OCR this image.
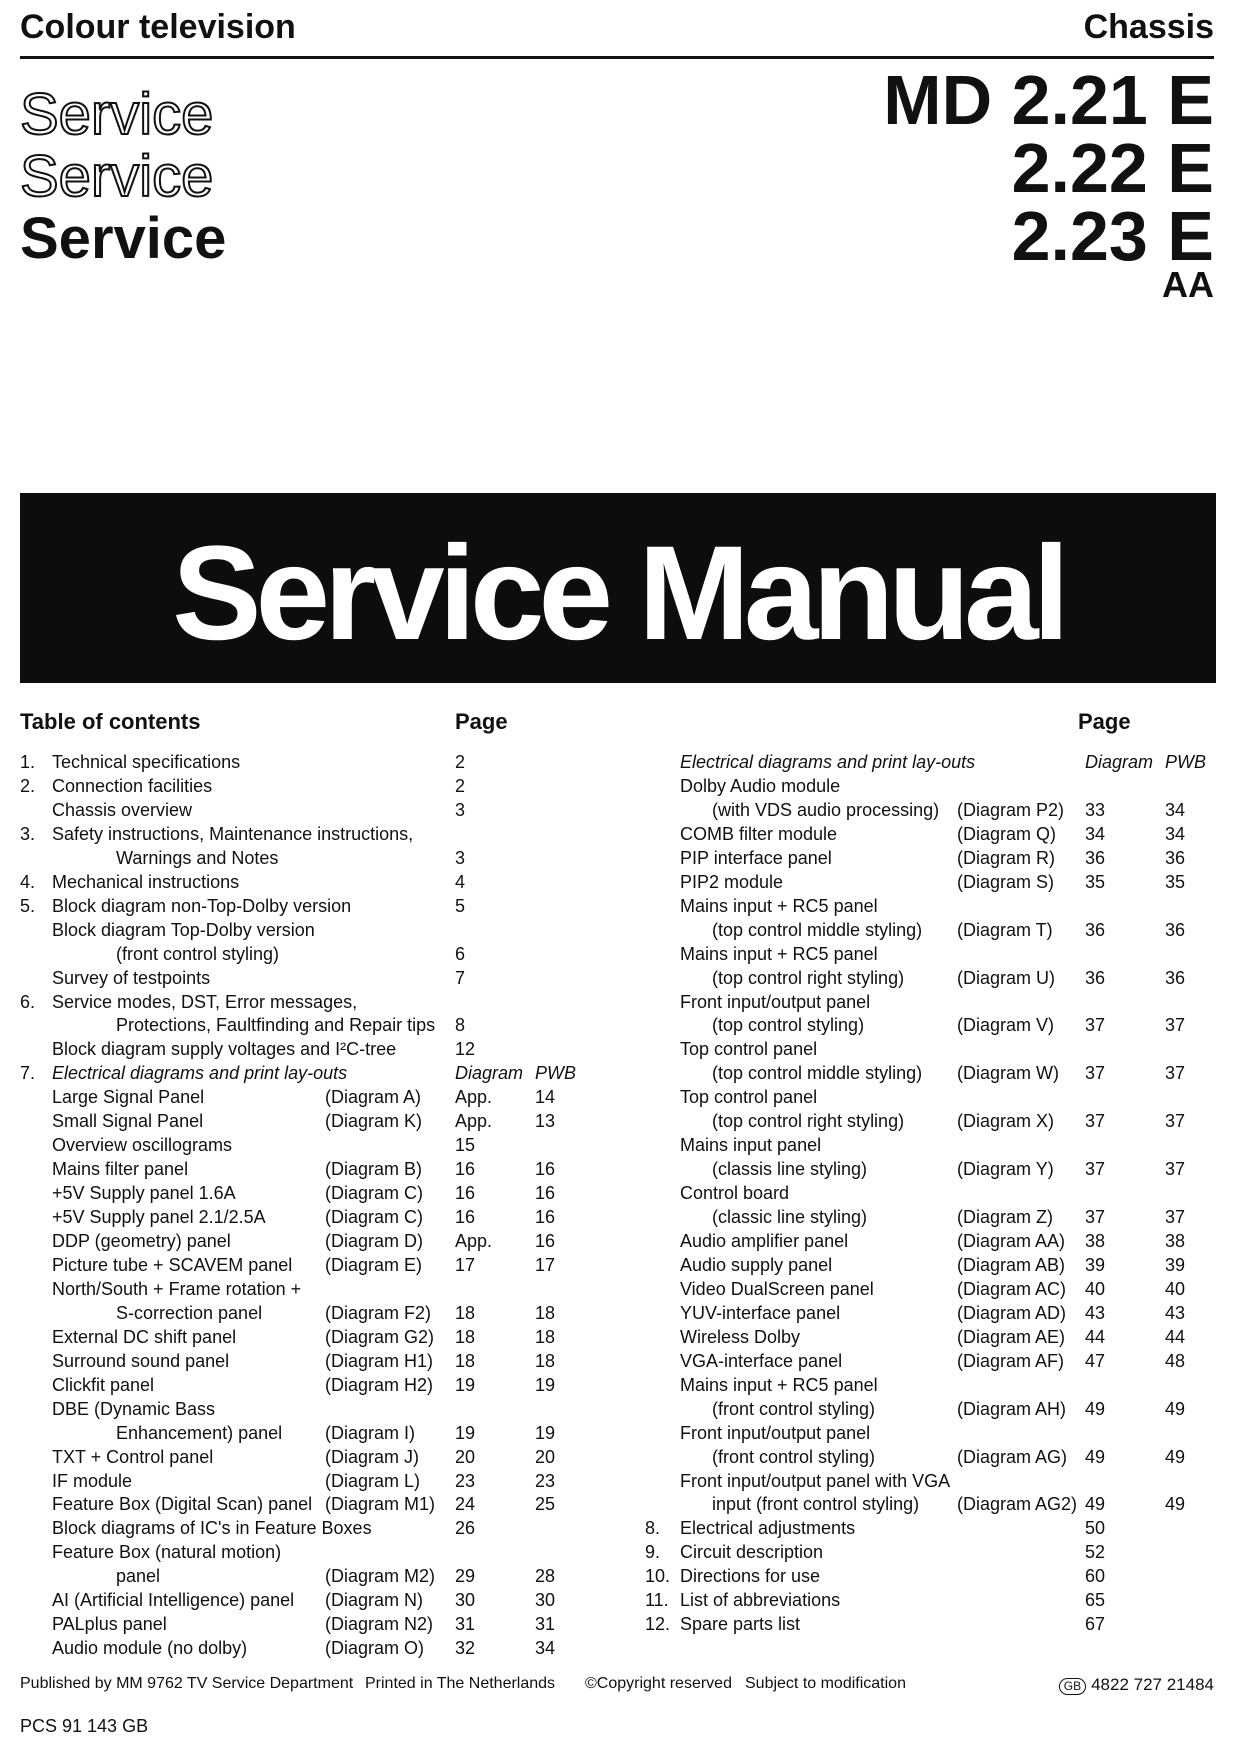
Colour television	Chassis
Service
Service
Service
MD 2.21 E
2.22 E
2.23 E
AA
Service Manual
Table of contents	Page	Page
1. Technical specifications	2
2. Connection facilities	2
Chassis overview	3
3. Safety instructions, Maintenance instructions,
Warnings and Notes	3
4. Mechanical instructions	4
5. Block diagram non-Top-Dolby version	5
Block diagram Top-Dolby version
(front control styling)	6
Survey of testpoints	7
6. Service modes, DST, Error messages,
Protections, Faultfinding and Repair tips 8
Block diagram supply voltages and I²C-tree	12
7. Electrical diagrams and print lay-outs	Diagram PWB
Large Signal Panel	(Diagram A) App. 14
Small Signal Panel	(Diagram K) App. 13
Overview oscillograms	15
Mains filter panel	(Diagram B) 16	16
+5V Supply panel 1.6A	(Diagram C) 16	16
+5V Supply panel 2.1/2.5A	(Diagram C) 16	16
DDP (geometry) panel	(Diagram D) App. 16
Picture tube + SCAVEM panel (Diagram E) 17	17
North/South + Frame rotation +
S-correction panel	(Diagram F2) 18	18
External DC shift panel	(Diagram G2) 18	18
Surround sound panel	(Diagram H1) 18	18
Clickfit panel	(Diagram H2) 19	19
DBE (Dynamic Bass
Enhancement) panel (Diagram I) 19	19
TXT + Control panel	(Diagram J) 20	20
IF module	(Diagram L) 23	23
Feature Box (Digital Scan) panel (Diagram M1) 24	25
Block diagrams of IC's in Feature Boxes	26
Feature Box (natural motion)
panel	(Diagram M2) 29	28
AI (Artificial Intelligence) panel (Diagram N) 30	30
PALplus panel	(Diagram N2) 31	31
Audio module (no dolby)	(Diagram O) 32	34
Electrical diagrams and print lay-outs	Diagram PWB
Dolby Audio module
(with VDS audio processing) (Diagram P2) 33	34
COMB filter module	(Diagram Q) 34	34
PIP interface panel	(Diagram R) 36	36
PIP2 module	(Diagram S) 35	35
Mains input + RC5 panel
(top control middle styling) (Diagram T) 36	36
Mains input + RC5 panel
(top control right styling)	(Diagram U) 36	36
Front input/output panel
(top control styling)	(Diagram V) 37	37
Top control panel
(top control middle styling) (Diagram W) 37	37
Top control panel
(top control right styling)	(Diagram X) 37	37
Mains input panel
(classis line styling)	(Diagram Y) 37	37
Control board
(classic line styling)	(Diagram Z) 37	37
Audio amplifier panel	(Diagram AA) 38	38
Audio supply panel	(Diagram AB) 39	39
Video DualScreen panel	(Diagram AC) 40	40
YUV-interface panel	(Diagram AD) 43	43
Wireless Dolby	(Diagram AE) 44	44
VGA-interface panel	(Diagram AF) 47	48
Mains input + RC5 panel
(front control styling)	(Diagram AH) 49	49
Front input/output panel
(front control styling)	(Diagram AG) 49	49
Front input/output panel with VGA
input (front control styling) (Diagram AG2) 49	49
8. Electrical adjustments	50
9. Circuit description	52
10. Directions for use	60
11. List of abbreviations	65
12. Spare parts list	67
Published by MM 9762 TV Service Department Printed in The Netherlands ©Copyright reserved Subject to modification	GB 4822 727 21484
PCS 91 143 GB
